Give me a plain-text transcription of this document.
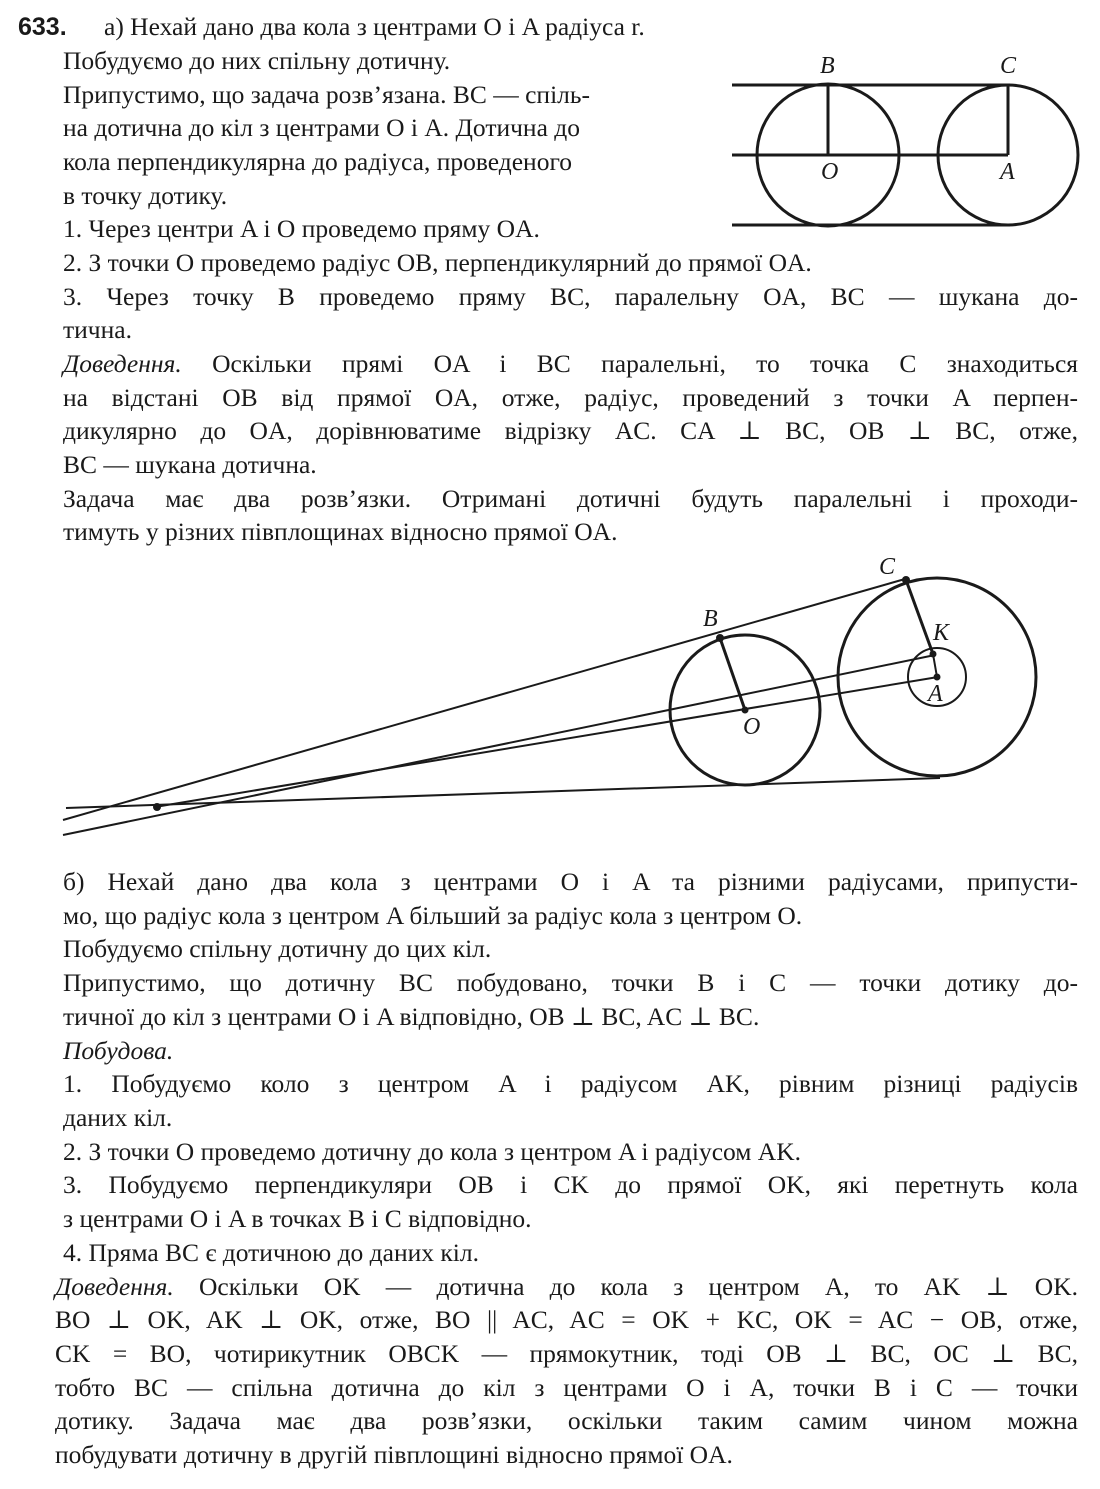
633. а) Нехай дано два кола з центрами O і A радіуса r.
Побудуємо до них спільну дотичну.
Припустимо, що задача розв’язана. BC — спіль-
на дотична до кіл з центрами O і A. Дотична до
кола перпендикулярна до радіуса, проведеного
в точку дотику.
1. Через центри A і O проведемо пряму OA.
2. З точки O проведемо радіус OB, перпендикулярний до прямої OA.
3. Через точку B проведемо пряму BC, паралельну OA, BC — шукана до-
тична.
Доведення. Оскільки прямі OA і BC паралельні, то точка C знаходиться
на відстані OB від прямої OA, отже, радіус, проведений з точки A перпен-
дикулярно до OA, дорівнюватиме відрізку AC. CA ⊥ BC, OB ⊥ BC, отже,
BC — шукана дотична.
Задача має два розв’язки. Отримані дотичні будуть паралельні і проходи-
тимуть у різних півплощинах відносно прямої OA.
B	C
O	A
C
B
K
O
A
б) Нехай дано два кола з центрами O і A та різними радіусами, припусти-
мо, що радіус кола з центром A більший за радіус кола з центром O.
Побудуємо спільну дотичну до цих кіл.
Припустимо, що дотичну BC побудовано, точки B і C — точки дотику до-
тичної до кіл з центрами O і A відповідно, OB ⊥ BC, AC ⊥ BC.
Побудова.
1. Побудуємо коло з центром A і радіусом AK, рівним різниці радіусів
даних кіл.
2. З точки O проведемо дотичну до кола з центром A і радіусом AK.
3. Побудуємо перпендикуляри OB і CK до прямої OK, які перетнуть кола
з центрами O і A в точках B і C відповідно.
4. Пряма BC є дотичною до даних кіл.
Доведення. Оскільки OK — дотична до кола з центром A, то AK ⊥ OK.
BO ⊥ OK, AK ⊥ OK, отже, BO || AC, AC = OK + KC, OK = AC − OB, отже,
CK = BO, чотирикутник OBCK — прямокутник, тоді OB ⊥ BC, OC ⊥ BC,
тобто BC — спільна дотична до кіл з центрами O і A, точки B і C — точки
дотику. Задача має два розв’язки, оскільки таким самим чином можна
побудувати дотичну в другій півплощині відносно прямої OA.
